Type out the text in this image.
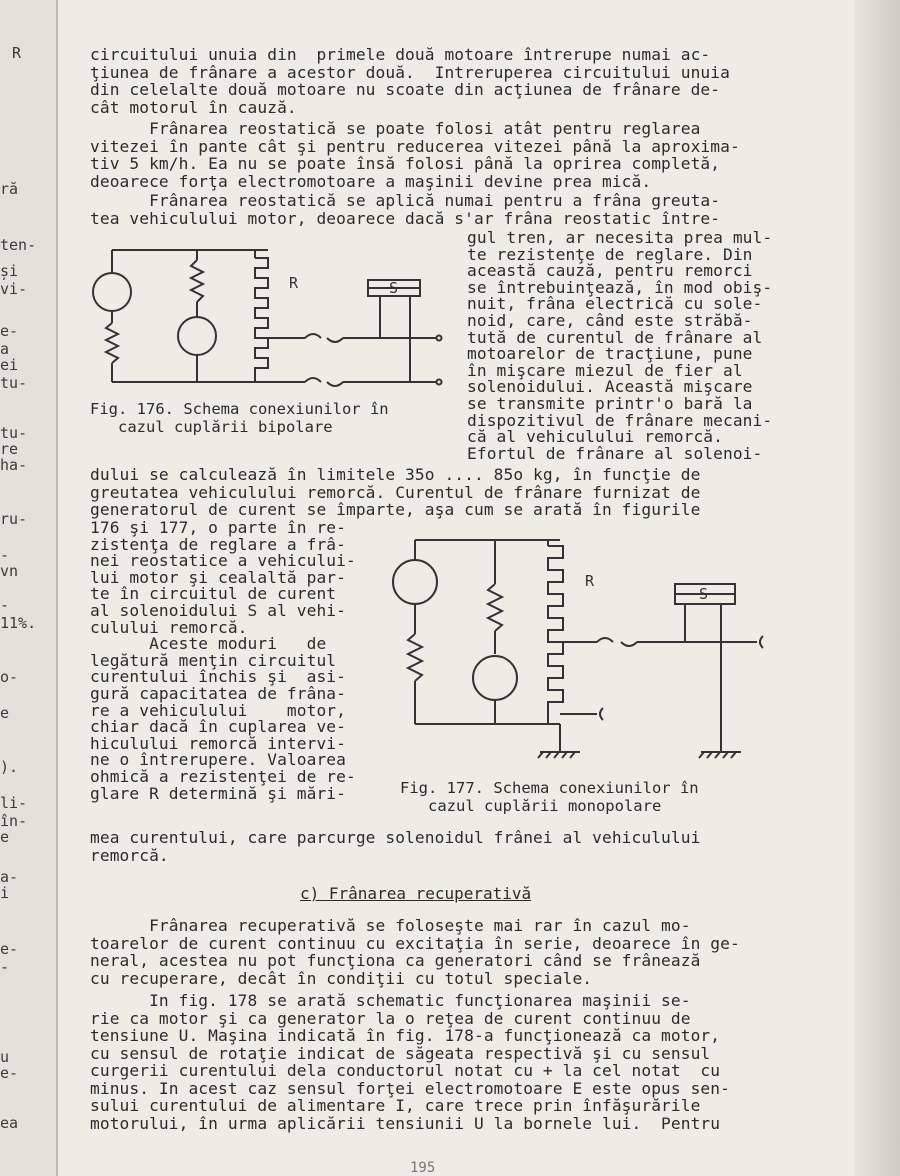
R
ră
ten-
și
vi-
e-
a
ei
tu-
tu-
re
ha-
ru-
-
vn
-
11%.
o-
e
).
li-
în-
e
a-
i
e-
-
u
e-
ea
circuitului unuia din  primele două motoare întrerupe numai ac-
ţiunea de frânare a acestor două.  Intreruperea circuitului unuia
din celelalte două motoare nu scoate din acţiunea de frânare de-
cât motorul în cauză.
Frânarea reostatică se poate folosi atât pentru reglarea
vitezei în pante cât şi pentru reducerea vitezei până la aproxima-
tiv 5 km/h. Ea nu se poate însă folosi până la oprirea completă,
deoarece forţa electromotoare a maşinii devine prea mică.
Frânarea reostatică se aplică numai pentru a frâna greuta-
tea vehiculului motor, deoarece dacă s'ar frâna reostatic între-
gul tren, ar necesita prea mul-
te rezistenţe de reglare. Din
această cauză, pentru remorci
se întrebuinţează, în mod obiş-
nuit, frâna electrică cu sole-
noid, care, când este străbă-
tută de curentul de frânare al
motoarelor de tracţiune, pune
în mişcare miezul de fier al
solenoidului. Această mişcare
se transmite printr'o bară la
dispozitivul de frânare mecani-
că al vehiculului remorcă.
Efortul de frânare al solenoi-
dului se calculează în limitele 35o .... 85o kg, în funcţie de
greutatea vehiculului remorcă. Curentul de frânare furnizat de
generatorul de curent se împarte, aşa cum se arată în figurile
176 şi 177, o parte în re-
zistenţa de reglare a frâ-
nei reostatice a vehicului-
lui motor şi cealaltă par-
te în circuitul de curent
al solenoidului S al vehi-
culului remorcă.
Aceste moduri   de
legătură menţin circuitul
curentului închis şi  asi-
gură capacitatea de frâna-
re a vehiculului    motor,
chiar dacă în cuplarea ve-
hiculului remorcă intervi-
ne o întrerupere. Valoarea
ohmică a rezistenţei de re-
glare R determină şi mări-
mea curentului, care parcurge solenoidul frânei al vehiculului
remorcă.
Frânarea recuperativă se foloseşte mai rar în cazul mo-
toarelor de curent continuu cu excitaţia în serie, deoarece în ge-
neral, acestea nu pot funcţiona ca generatori când se frânează
cu recuperare, decât în condiţii cu totul speciale.
In fig. 178 se arată schematic funcţionarea maşinii se-
rie ca motor şi ca generator la o reţea de curent continuu de
tensiune U. Maşina indicată în fig. 178-a funcţionează ca motor,
cu sensul de rotaţie indicat de săgeata respectivă şi cu sensul
curgerii curentului dela conductorul notat cu + la cel notat  cu
minus. In acest caz sensul forţei electromotoare E este opus sen-
sului curentului de alimentare I, care trece prin înfăşurările
motorului, în urma aplicării tensiunii U la bornele lui.  Pentru
Fig. 176. Schema conexiunilor în
cazul cuplării bipolare
Fig. 177. Schema conexiunilor în
cazul cuplării monopolare
c) Frânarea recuperativă
195
R	S
R
S
